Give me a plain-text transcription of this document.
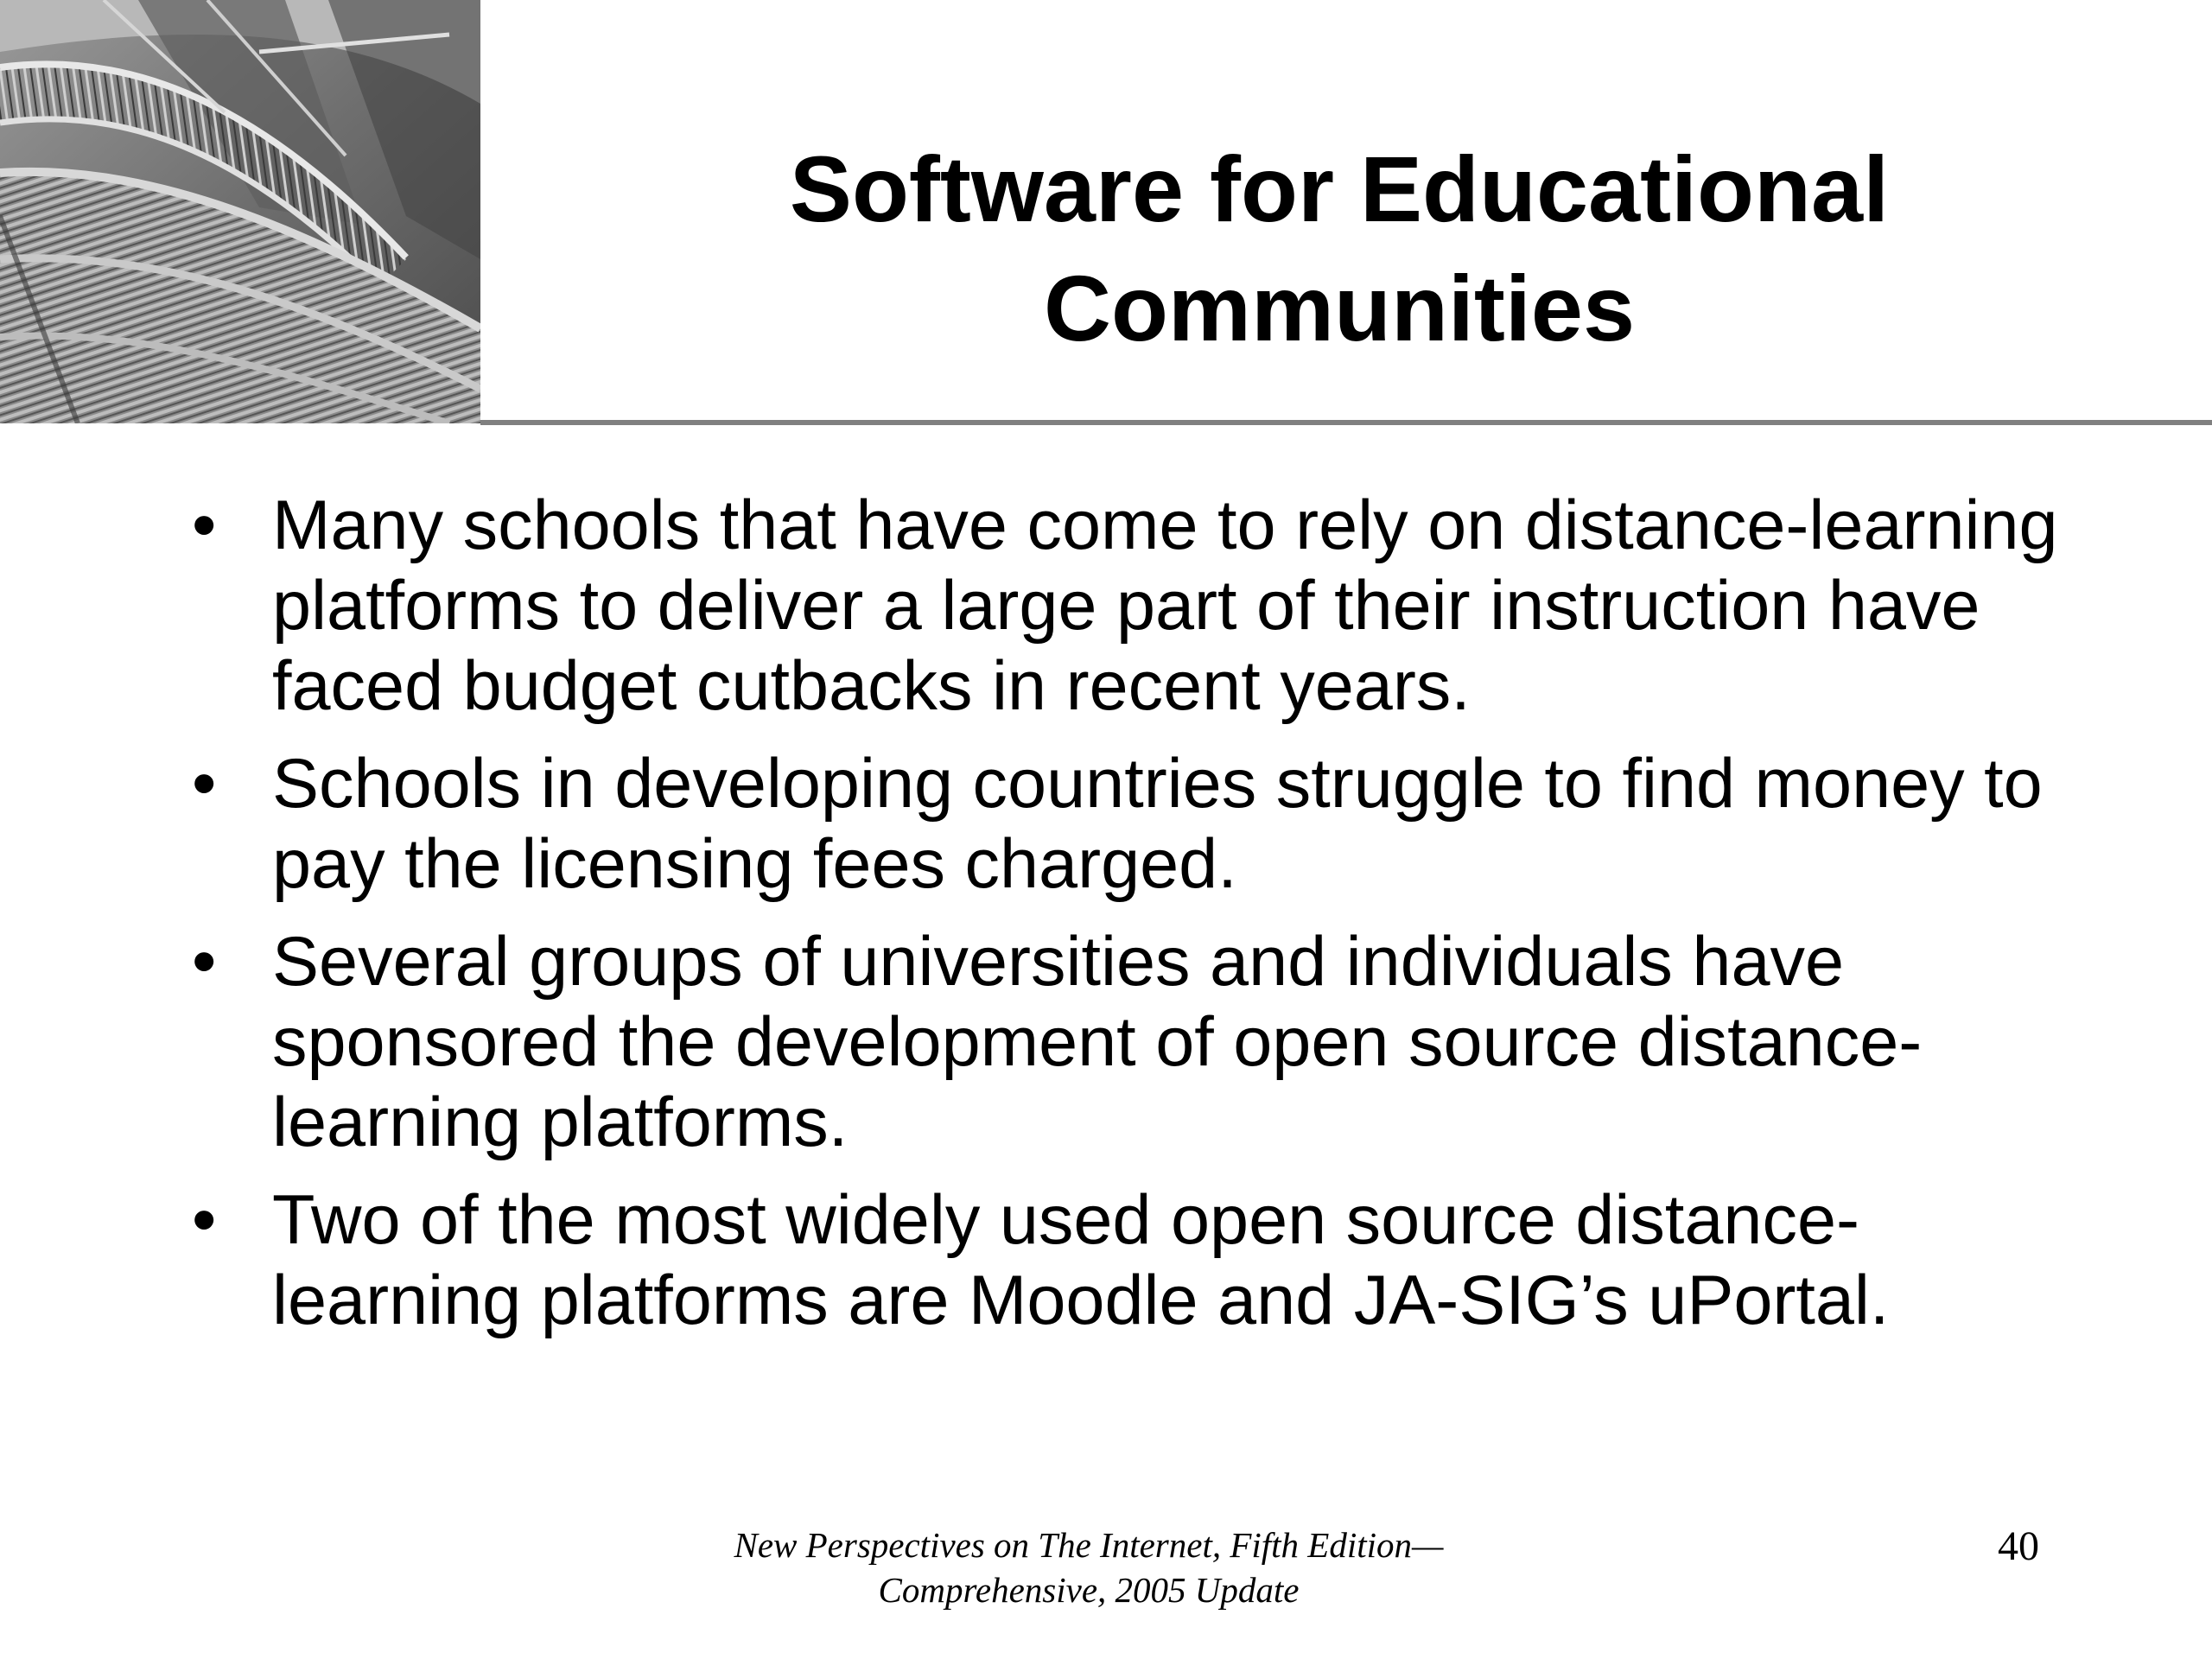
Software for Educational
Communities
• Many schools that have come to rely on distance-learning platforms to deliver a large part of their instruction have faced budget cutbacks in recent years.
• Schools in developing countries struggle to find money to pay the licensing fees charged.
• Several groups of universities and individuals have sponsored the development of open source distance-learning platforms.
• Two of the most widely used open source distance-learning platforms are Moodle and JA-SIG’s uPortal.
New Perspectives on The Internet, Fifth Edition—
Comprehensive, 2005 Update
40
